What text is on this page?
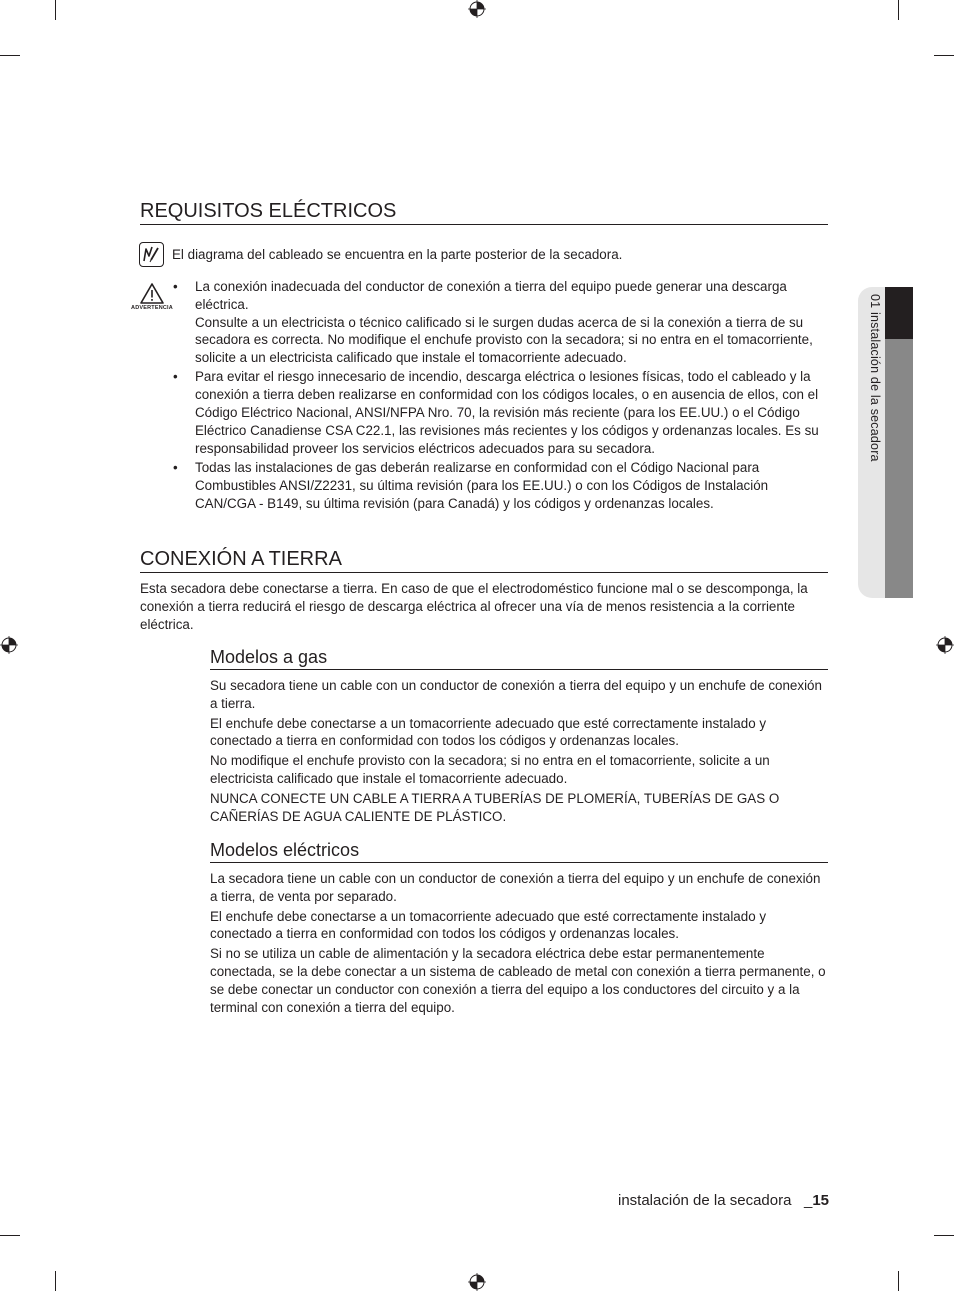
01 instalación de la secadora
REQUISITOS ELÉCTRICOS
El diagrama del cableado se encuentra en la parte posterior de la secadora.
ADVERTENCIA
• La conexión inadecuada del conductor de conexión a tierra del equipo puede generar una descarga eléctrica.
Consulte a un electricista o técnico calificado si le surgen dudas acerca de si la conexión a tierra de su secadora es correcta. No modifique el enchufe provisto con la secadora; si no entra en el tomacorriente, solicite a un electricista calificado que instale el tomacorriente adecuado.
• Para evitar el riesgo innecesario de incendio, descarga eléctrica o lesiones físicas, todo el cableado y la conexión a tierra deben realizarse en conformidad con los códigos locales, o en ausencia de ellos, con el Código Eléctrico Nacional, ANSI/NFPA Nro. 70, la revisión más reciente (para los EE.UU.) o el Código Eléctrico Canadiense CSA C22.1, las revisiones más recientes y los códigos y ordenanzas locales. Es su responsabilidad proveer los servicios eléctricos adecuados para su secadora.
• Todas las instalaciones de gas deberán realizarse en conformidad con el Código Nacional para Combustibles ANSI/Z2231, su última revisión (para los EE.UU.) o con los Códigos de Instalación CAN/CGA - B149, su última revisión (para Canadá) y los códigos y ordenanzas locales.
CONEXIÓN A TIERRA
Esta secadora debe conectarse a tierra. En caso de que el electrodoméstico funcione mal o se descomponga, la conexión a tierra reducirá el riesgo de descarga eléctrica al ofrecer una vía de menos resistencia a la corriente eléctrica.
Modelos a gas

Su secadora tiene un cable con un conductor de conexión a tierra del equipo y un enchufe de conexión a tierra.

El enchufe debe conectarse a un tomacorriente adecuado que esté correctamente instalado y conectado a tierra en conformidad con todos los códigos y ordenanzas locales.

No modifique el enchufe provisto con la secadora; si no entra en el tomacorriente, solicite a un electricista calificado que instale el tomacorriente adecuado.

NUNCA CONECTE UN CABLE A TIERRA A TUBERÍAS DE PLOMERÍA, TUBERÍAS DE GAS O CAÑERÍAS DE AGUA CALIENTE DE PLÁSTICO.

Modelos eléctricos

La secadora tiene un cable con un conductor de conexión a tierra del equipo y un enchufe de conexión a tierra, de venta por separado.

El enchufe debe conectarse a un tomacorriente adecuado que esté correctamente instalado y conectado a tierra en conformidad con todos los códigos y ordenanzas locales.

Si no se utiliza un cable de alimentación y la secadora eléctrica debe estar permanentemente conectada, se la debe conectar a un sistema de cableado de metal con conexión a tierra permanente, o se debe conectar un conductor con conexión a tierra del equipo a los conductores del circuito y a la terminal con conexión a tierra del equipo.

instalación de la secadora _15
